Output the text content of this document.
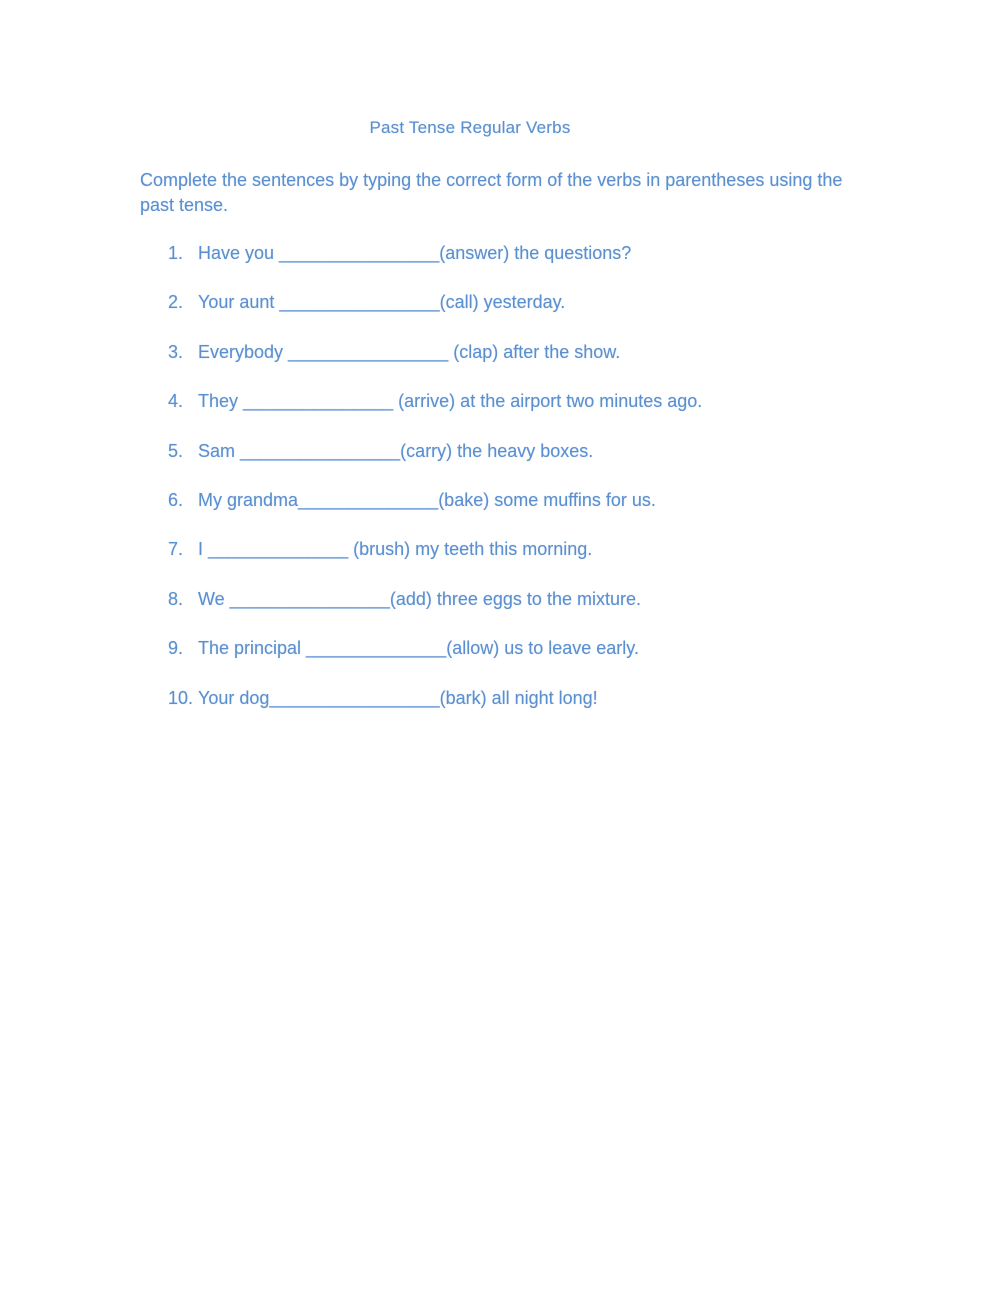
Past Tense Regular Verbs
Complete the sentences by typing the correct form of the verbs in parentheses using the past tense.
1. Have you ________________(answer) the questions?
2. Your aunt ________________(call) yesterday.
3. Everybody ________________ (clap) after the show.
4. They _______________ (arrive) at the airport two minutes ago.
5. Sam ________________(carry) the heavy boxes.
6. My grandma______________(bake) some muffins for us.
7. I ______________ (brush) my teeth this morning.
8. We ________________(add) three eggs to the mixture.
9. The principal ______________(allow) us to leave early.
10. Your dog_________________(bark) all night long!
